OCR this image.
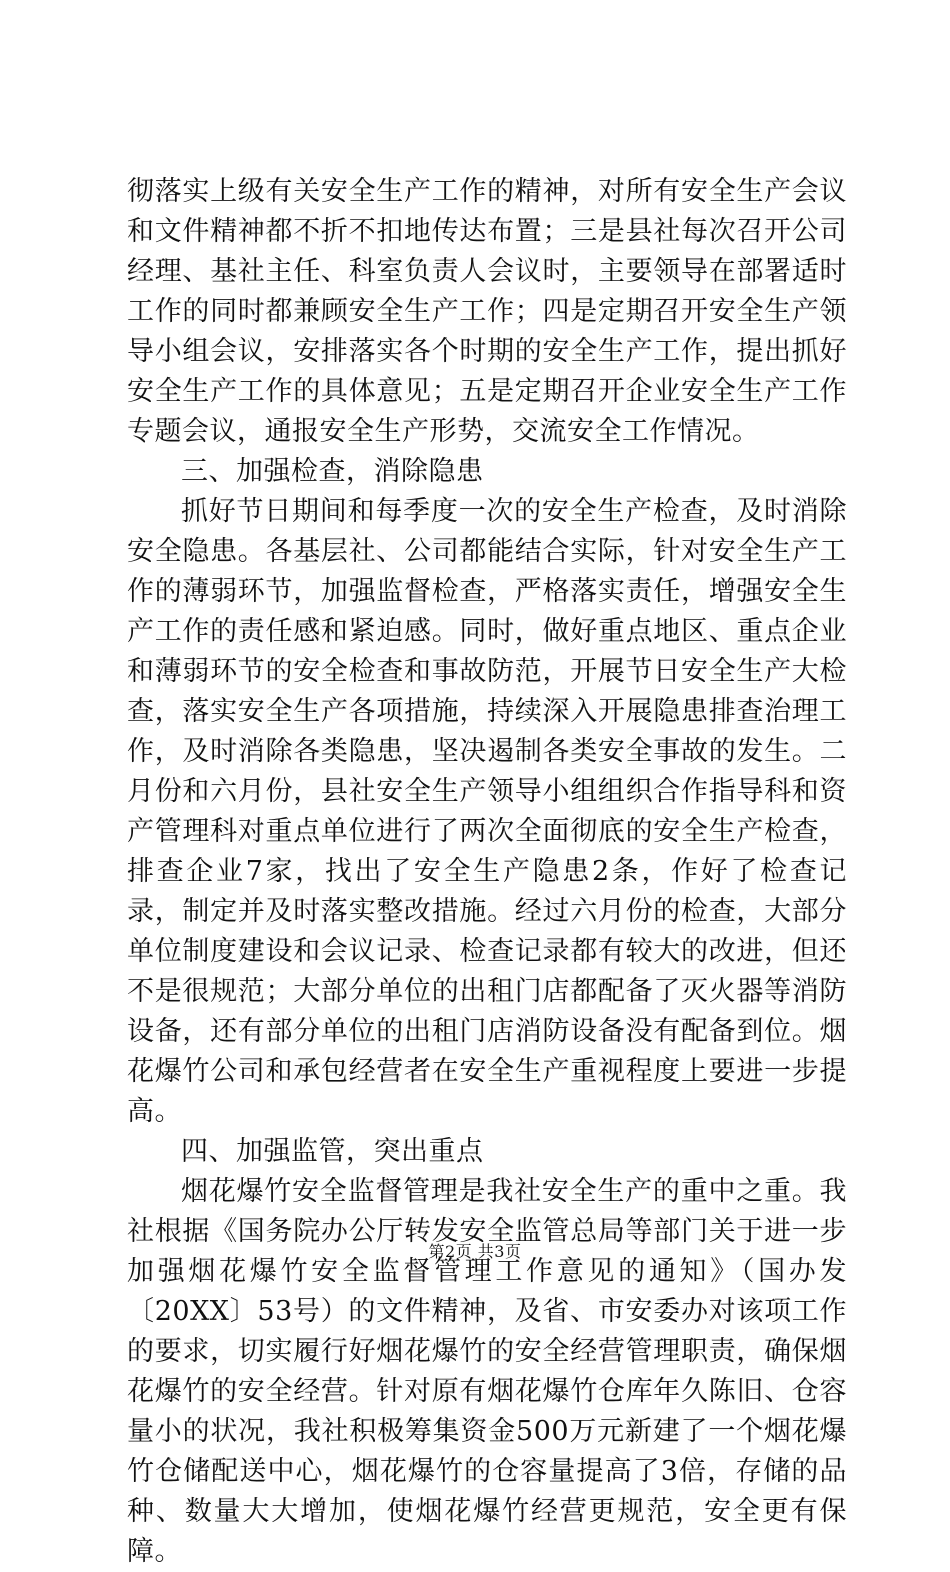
彻落实上级有关安全生产工作的精神，对所有安全生产会议和文件精神都不折不扣地传达布置；三是县社每次召开公司经理、基社主任、科室负责人会议时，主要领导在部署适时工作的同时都兼顾安全生产工作；四是定期召开安全生产领导小组会议，安排落实各个时期的安全生产工作，提出抓好安全生产工作的具体意见；五是定期召开企业安全生产工作专题会议，通报安全生产形势，交流安全工作情况。

三、加强检查，消除隐患

抓好节日期间和每季度一次的安全生产检查，及时消除安全隐患。各基层社、公司都能结合实际，针对安全生产工作的薄弱环节，加强监督检查，严格落实责任，增强安全生产工作的责任感和紧迫感。同时，做好重点地区、重点企业和薄弱环节的安全检查和事故防范，开展节日安全生产大检查，落实安全生产各项措施，持续深入开展隐患排查治理工作，及时消除各类隐患，坚决遏制各类安全事故的发生。二月份和六月份，县社安全生产领导小组组织合作指导科和资产管理科对重点单位进行了两次全面彻底的安全生产检查，排查企业7家，找出了安全生产隐患2条，作好了检查记录，制定并及时落实整改措施。经过六月份的检查，大部分单位制度建设和会议记录、检查记录都有较大的改进，但还不是很规范；大部分单位的出租门店都配备了灭火器等消防设备，还有部分单位的出租门店消防设备没有配备到位。烟花爆竹公司和承包经营者在安全生产重视程度上要进一步提高。

四、加强监管，突出重点

烟花爆竹安全监督管理是我社安全生产的重中之重。我社根据《国务院办公厅转发安全监管总局等部门关于进一步加强烟花爆竹安全监督管理工作意见的通知》（国办发〔20XX〕53号）的文件精神，及省、市安委办对该项工作的要求，切实履行好烟花爆竹的安全经营管理职责，确保烟花爆竹的安全经营。针对原有烟花爆竹仓库年久陈旧、仓容量小的状况，我社积极筹集资金500万元新建了一个烟花爆竹仓储配送中心，烟花爆竹的仓容量提高了3倍，存储的品种、数量大大增加，使烟花爆竹经营更规范，安全更有保障。

第2页 共3页
